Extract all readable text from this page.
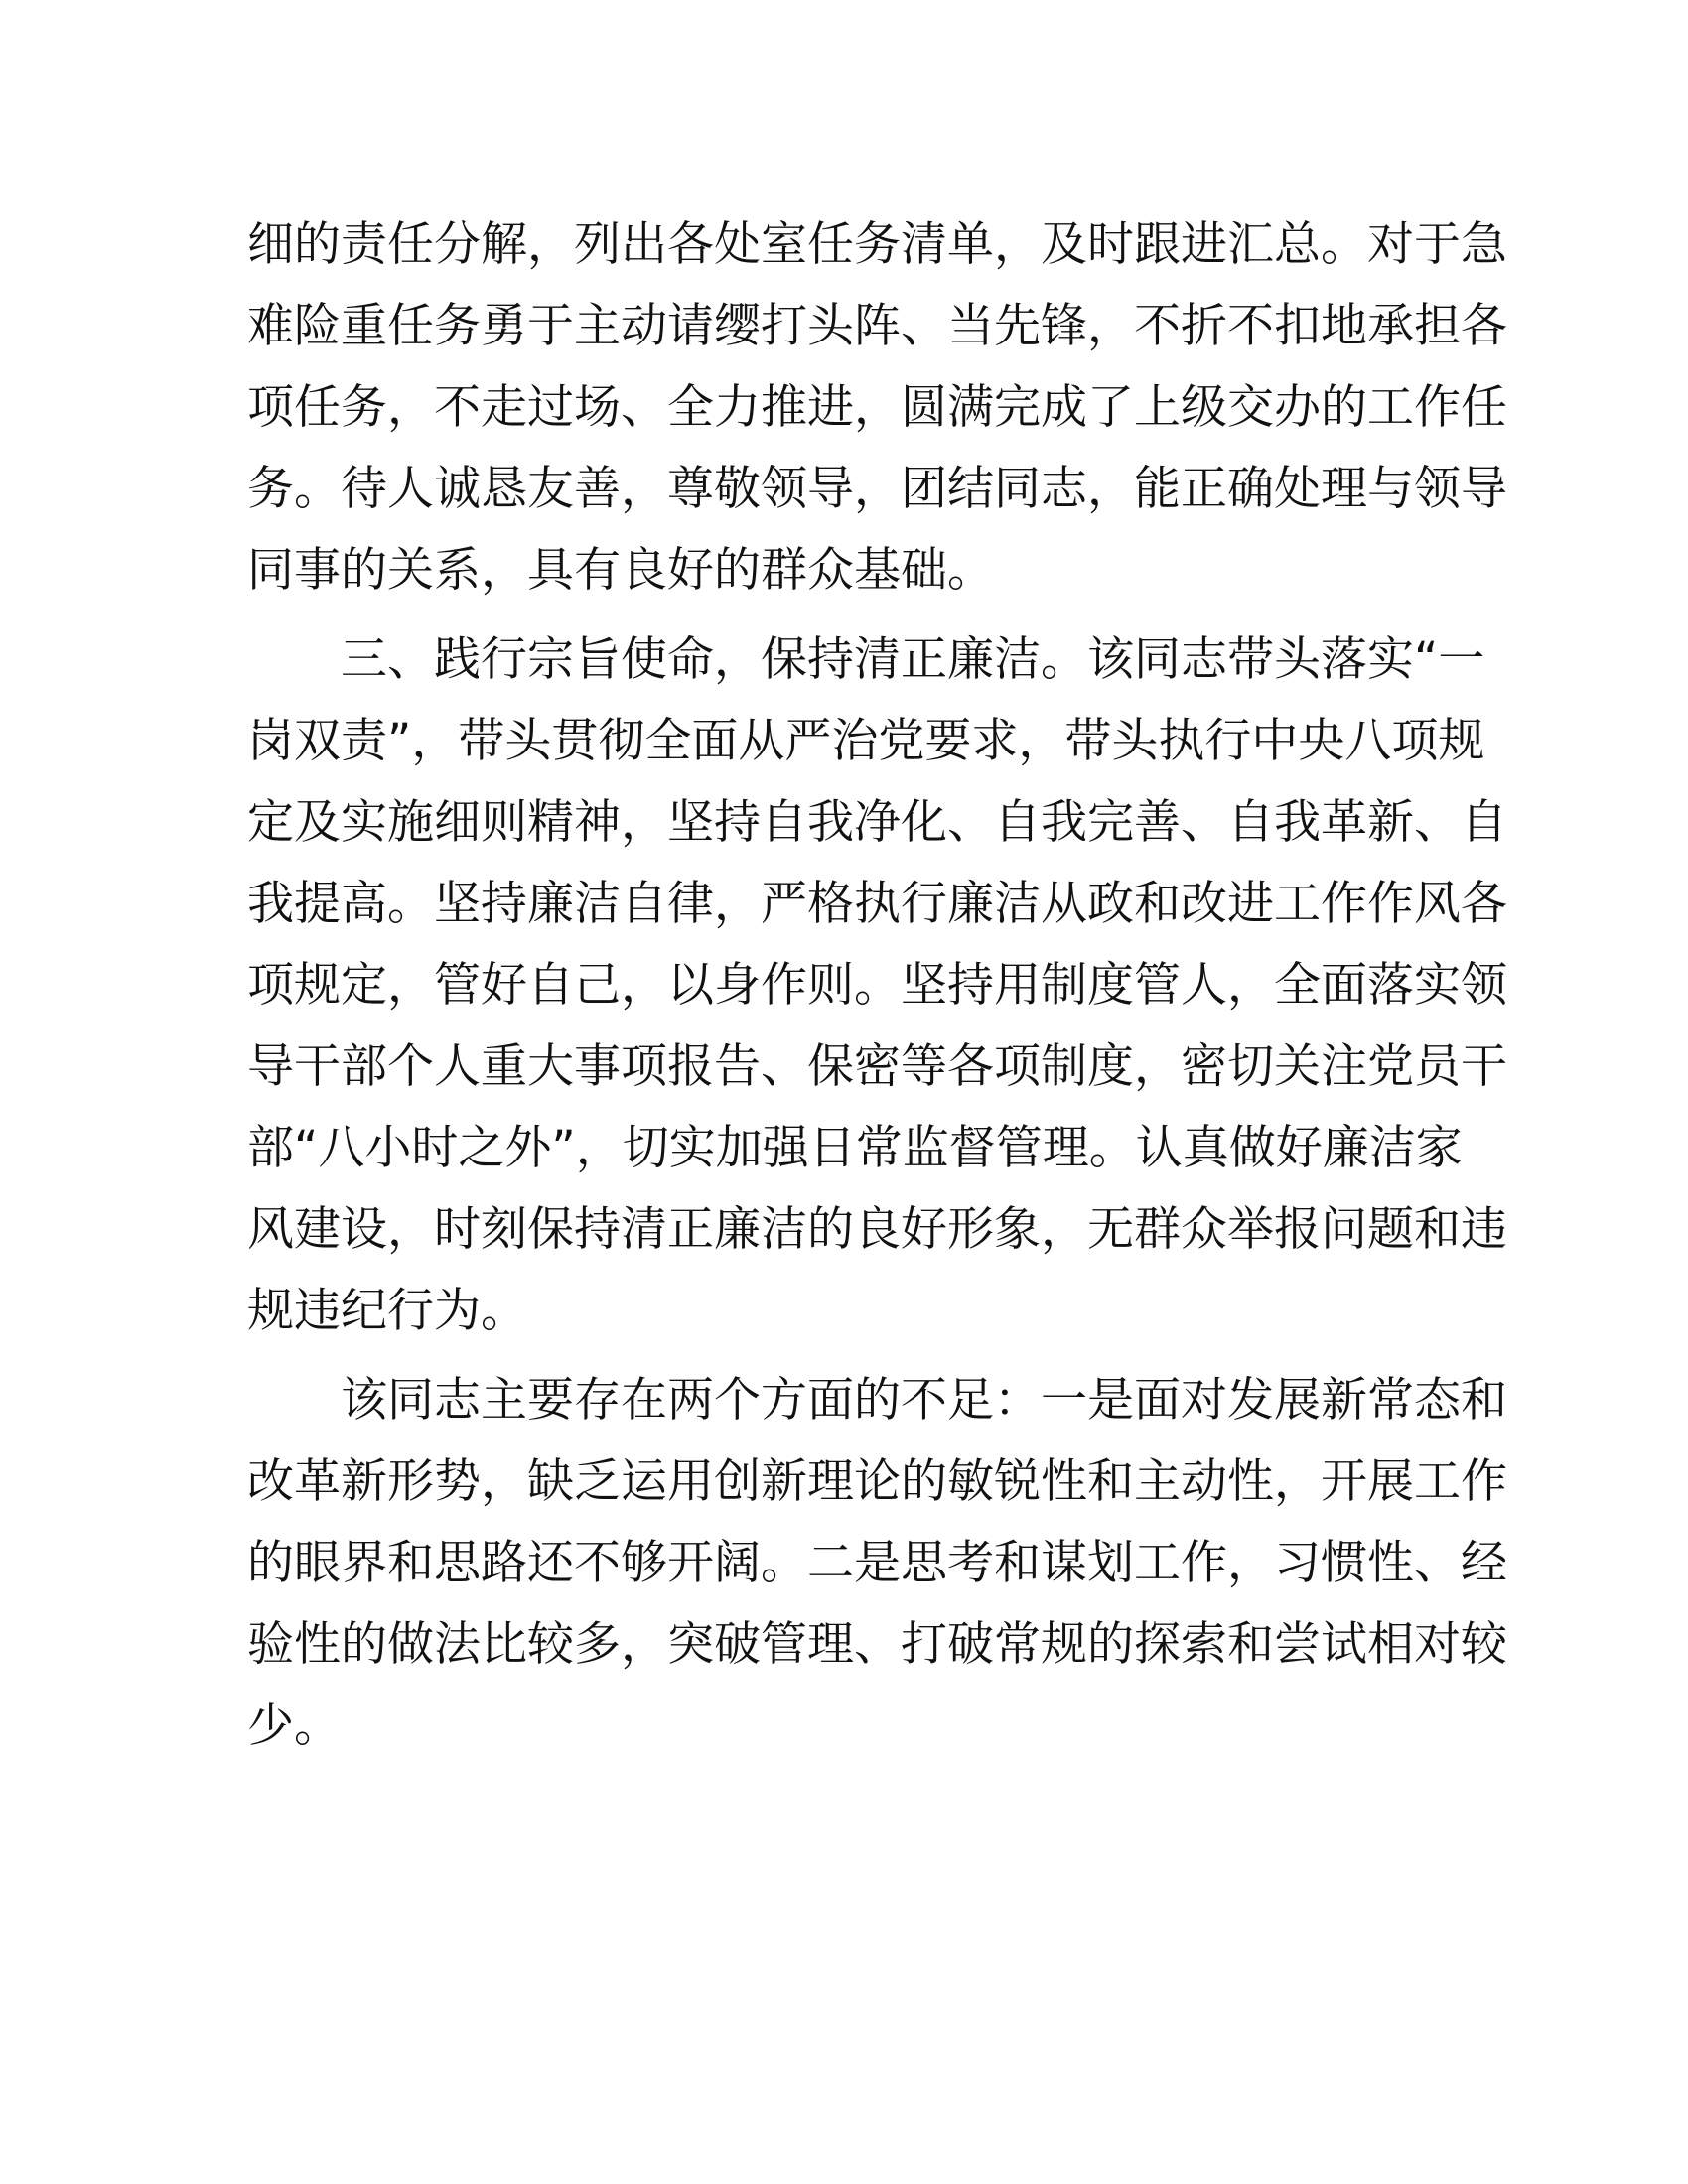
细的责任分解，列出各处室任务清单，及时跟进汇总。对于急
难险重任务勇于主动请缨打头阵、当先锋，不折不扣地承担各
项任务，不走过场、全力推进，圆满完成了上级交办的工作任
务。待人诚恳友善，尊敬领导，团结同志，能正确处理与领导
同事的关系，具有良好的群众基础。

三、践行宗旨使命，保持清正廉洁。该同志带头落实“一
岗双责”，带头贯彻全面从严治党要求，带头执行中央八项规
定及实施细则精神，坚持自我净化、自我完善、自我革新、自
我提高。坚持廉洁自律，严格执行廉洁从政和改进工作作风各
项规定，管好自己，以身作则。坚持用制度管人，全面落实领
导干部个人重大事项报告、保密等各项制度，密切关注党员干
部“八小时之外”，切实加强日常监督管理。认真做好廉洁家
风建设，时刻保持清正廉洁的良好形象，无群众举报问题和违
规违纪行为。

该同志主要存在两个方面的不足：一是面对发展新常态和
改革新形势，缺乏运用创新理论的敏锐性和主动性，开展工作
的眼界和思路还不够开阔。二是思考和谋划工作，习惯性、经
验性的做法比较多，突破管理、打破常规的探索和尝试相对较
少。
